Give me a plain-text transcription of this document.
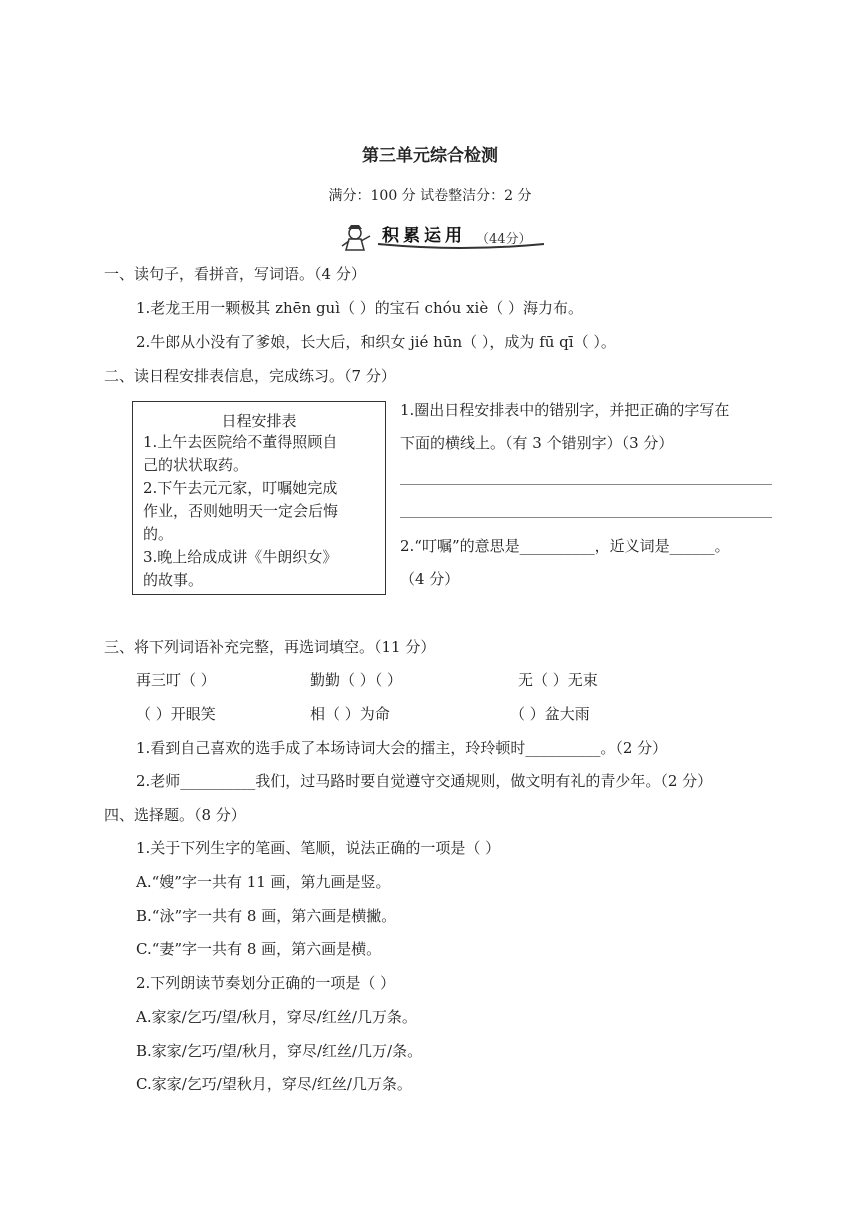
第三单元综合检测
满分：100 分 试卷整洁分：2 分
积累运用 （44分）
一、读句子，看拼音，写词语。（4 分）
1.老龙王用一颗极其 zhēn guì（ ）的宝石 chóu xiè（ ）海力布。
2.牛郎从小没有了爹娘，长大后，和织女 jié hūn（ ），成为 fū qī（ ）。
二、读日程安排表信息，完成练习。（7 分）
日程安排表
1.上午去医院给不董得照顾自
己的状状取药。
2.下午去元元家，叮嘱她完成
作业，否则她明天一定会后悔
的。
3.晚上给成成讲《牛朗织女》
的故事。
1.圈出日程安排表中的错别字，并把正确的字写在
下面的横线上。（有 3 个错别字）（3 分）
2.“叮嘱”的意思是__________，近义词是______。
（4 分）
三、将下列词语补充完整，再选词填空。（11 分）
再三叮（ ）	勤勤（ ）（ ）	无（ ）无束
（ ）开眼笑	相（ ）为命	（ ）盆大雨
1.看到自己喜欢的选手成了本场诗词大会的擂主，玲玲顿时__________。（2 分）
2.老师__________我们，过马路时要自觉遵守交通规则，做文明有礼的青少年。（2 分）
四、选择题。（8 分）
1.关于下列生字的笔画、笔顺，说法正确的一项是（ ）
A.“嫂”字一共有 11 画，第九画是竖。
B.“泳”字一共有 8 画，第六画是横撇。
C.“妻”字一共有 8 画，第六画是横。
2.下列朗读节奏划分正确的一项是（ ）
A.家家/乞巧/望/秋月，穿尽/红丝/几万条。
B.家家/乞巧/望/秋月，穿尽/红丝/几万/条。
C.家家/乞巧/望秋月，穿尽/红丝/几万条。
